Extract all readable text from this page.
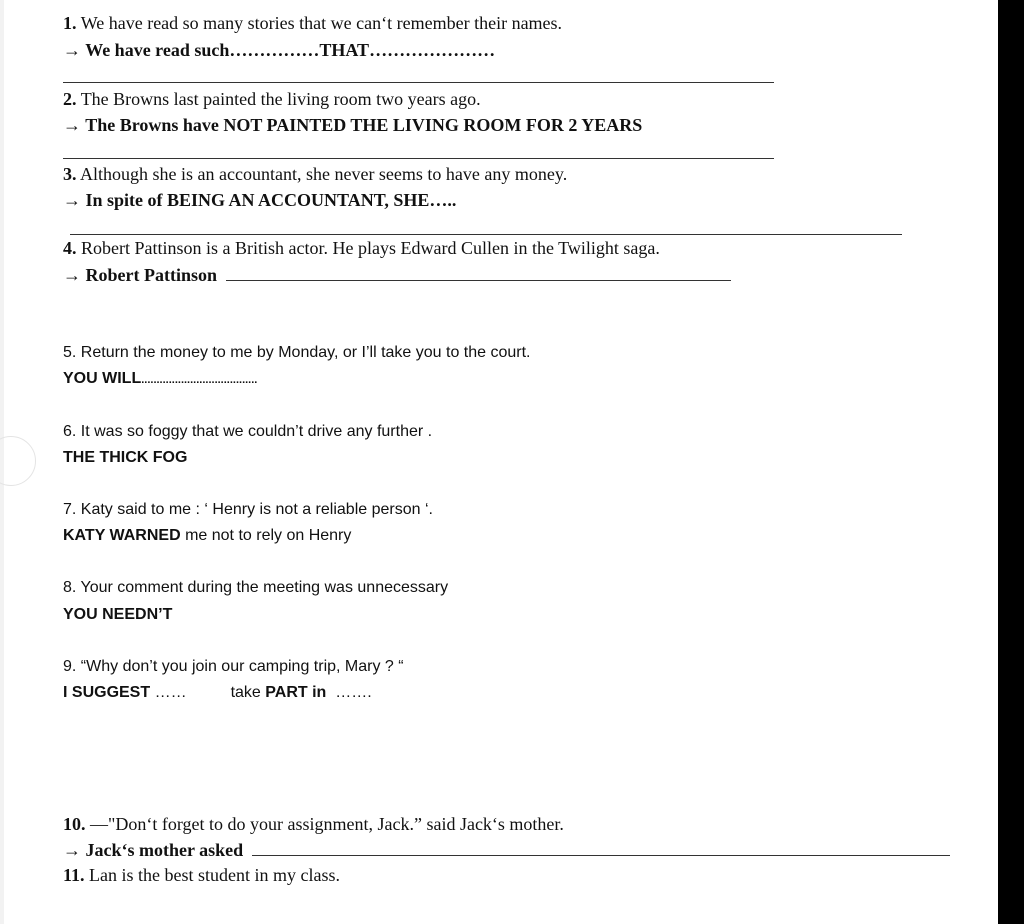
1. We have read so many stories that we can‘t remember their names.
→ We have read such……………THAT…………………
2. The Browns last painted the living room two years ago.
→ The Browns have NOT PAINTED THE LIVING ROOM FOR 2 YEARS
3. Although she is an accountant, she never seems to have any money.
→ In spite of BEING AN ACCOUNTANT, SHE…..
4. Robert Pattinson is a British actor. He plays Edward Cullen in the Twilight saga.
→ Robert Pattinson
5. Return the money to me by Monday, or I’ll take you to the court.
YOU WILL......................................
6. It was so foggy that we couldn’t drive any further .
THE THICK FOG
7. Katy said to me : ‘ Henry is not a reliable person ‘.
KATY WARNED me not to rely on Henry
8. Your comment during the meeting was unnecessary
YOU NEEDN’T
9. “Why don’t you join our camping trip, Mary ? “
I SUGGEST ……	take PART in …….
10. —"Don‘t forget to do your assignment, Jack.” said Jack‘s mother.
→ Jack‘s mother asked
11. Lan is the best student in my class.
